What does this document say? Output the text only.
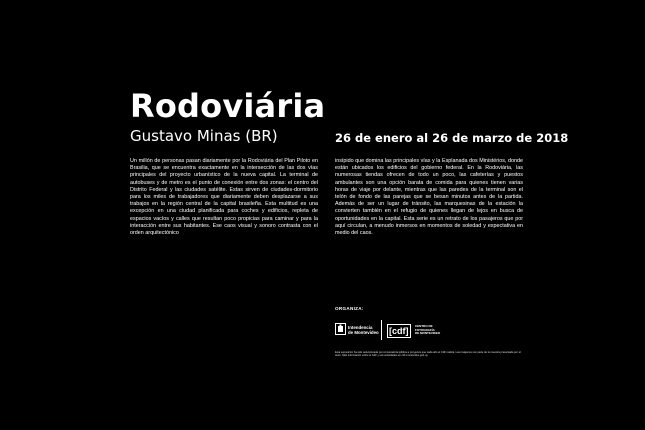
Rodoviária
Gustavo Minas (BR)	26 de enero al 26 de marzo de 2018
Un millón de personas pasan diariamente por la Rodoviária del Plan Piloto en Brasilia, que se encuentra exactamente en la intersección de las dos vías principales del proyecto urbanístico de la nueva capital. La terminal de autobuses y de metro es el punto de conexión entre dos zonas: el centro del Distrito Federal y las ciudades satélite. Estas sirven de ciudades-dormitorio para los miles de trabajadores que diariamente deben desplazarse a sus trabajos en la región central de la capital brasileña. Esta multitud es una excepción en una ciudad planificada para coches y edificios, repleta de espacios vacíos y calles que resultan poco propicias para caminar y para la interacción entre sus habitantes. Ese caos visual y sonoro contrasta con el orden arquitectónico
insípido que domina las principales vías y la Esplanada dos Ministérios, donde están ubicados los edificios del gobierno federal. En la Rodoviária, las numerosas tiendas ofrecen de todo un poco, las cafeterías y puestos ambulantes son una opción barata de comida para quienes tienen varias horas de viaje por delante, mientras que las paredes de la terminal son el telón de fondo de las parejas que se besan minutos antes de la partida. Además de ser un lugar de tránsito, las marquesinas de la estación la convierten también en el refugio de quienes llegan de lejos en busca de oportunidades en la capital. Esta serie es un retrato de los pasajeros que por aquí circulan, a menudo inmersos en momentos de soledad y expectativa en medio del caos.
ORGANIZA:
Intendencia
de Montevideo [cdf]	CENTRO DE
FOTOGRAFÍA
DE MONTEVIDEO
Esta exposición ha sido seleccionada por convocatoria pública a proyectos que cada año el CdF realiza. Las imágenes son parte de la muestra presentada por el autor. Más información sobre el CdF y sus actividades en cdf.montevideo.gub.uy.
